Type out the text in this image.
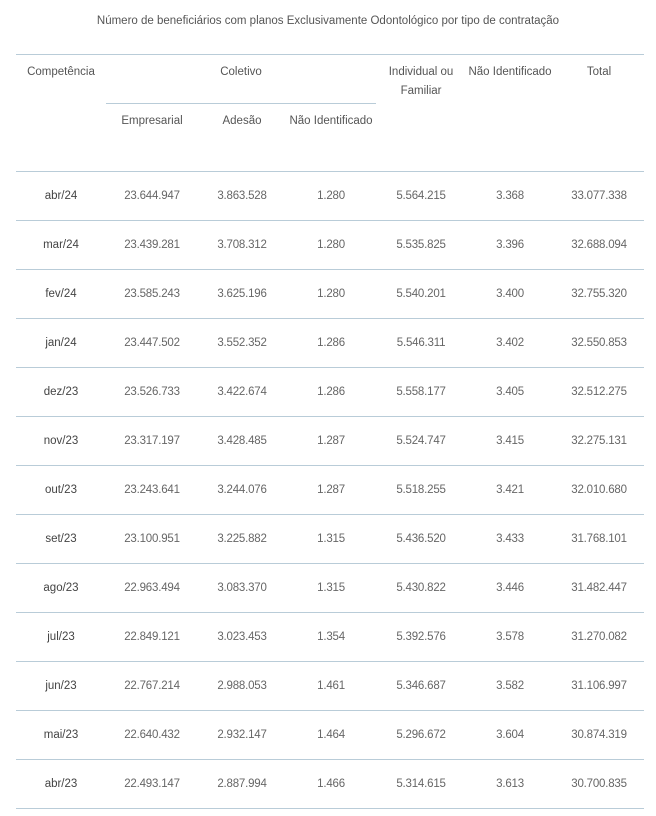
Número de beneficiários com planos Exclusivamente Odontológico por tipo de contratação
Competência	Coletivo			Individual ou Familiar	Não Identificado	Total
	Empresarial	Adesão	Não Identificado			
abr/24	23.644.947	3.863.528	1.280	5.564.215	3.368	33.077.338
mar/24	23.439.281	3.708.312	1.280	5.535.825	3.396	32.688.094
fev/24	23.585.243	3.625.196	1.280	5.540.201	3.400	32.755.320
jan/24	23.447.502	3.552.352	1.286	5.546.311	3.402	32.550.853
dez/23	23.526.733	3.422.674	1.286	5.558.177	3.405	32.512.275
nov/23	23.317.197	3.428.485	1.287	5.524.747	3.415	32.275.131
out/23	23.243.641	3.244.076	1.287	5.518.255	3.421	32.010.680
set/23	23.100.951	3.225.882	1.315	5.436.520	3.433	31.768.101
ago/23	22.963.494	3.083.370	1.315	5.430.822	3.446	31.482.447
jul/23	22.849.121	3.023.453	1.354	5.392.576	3.578	31.270.082
jun/23	22.767.214	2.988.053	1.461	5.346.687	3.582	31.106.997
mai/23	22.640.432	2.932.147	1.464	5.296.672	3.604	30.874.319
abr/23	22.493.147	2.887.994	1.466	5.314.615	3.613	30.700.835
